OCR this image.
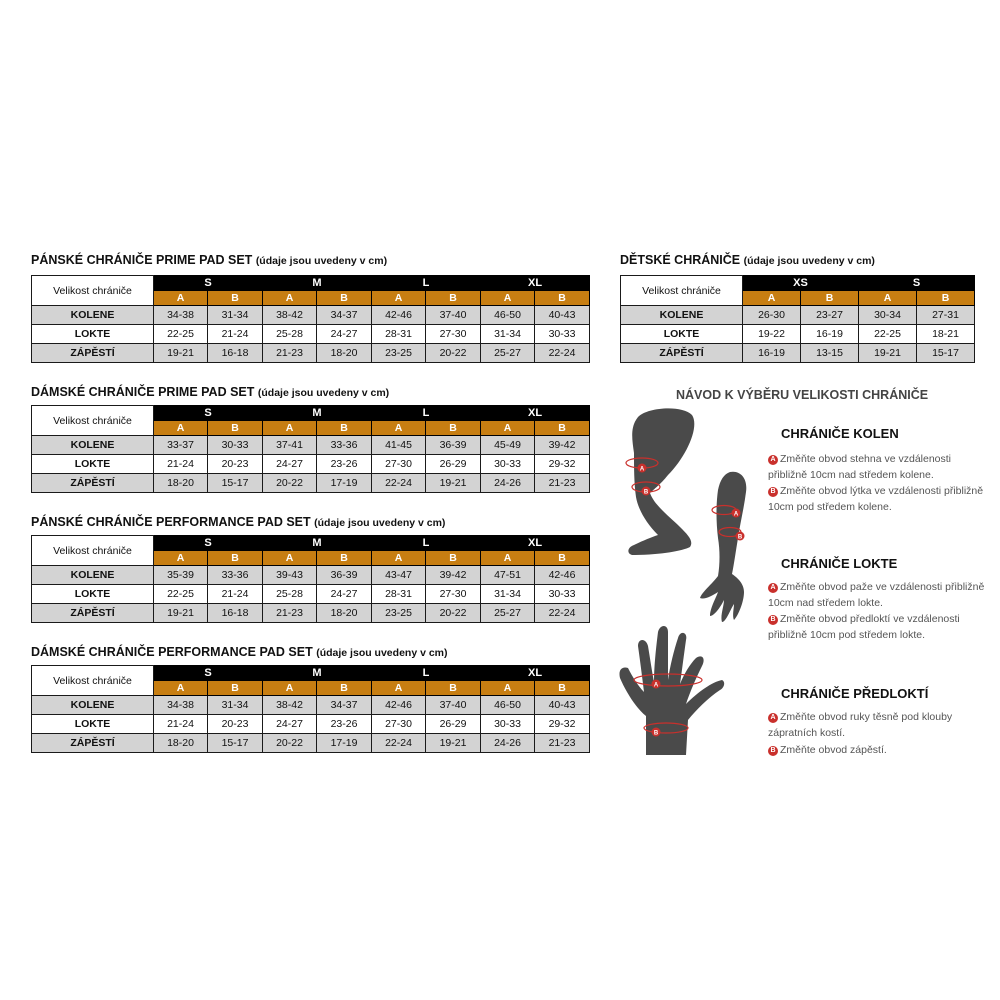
PÁNSKÉ CHRÁNIČE PRIME PAD SET (údaje jsou uvedeny v cm)
Velikost chrániče	S		M		L		XL	
	A	B	A	B	A	B	A	B
KOLENE	34-38	31-34	38-42	34-37	42-46	37-40	46-50	40-43
LOKTE	22-25	21-24	25-28	24-27	28-31	27-30	31-34	30-33
ZÁPĚSTÍ	19-21	16-18	21-23	18-20	23-25	20-22	25-27	22-24
DÁMSKÉ CHRÁNIČE PRIME PAD SET (údaje jsou uvedeny v cm)
Velikost chrániče	S		M		L		XL	
	A	B	A	B	A	B	A	B
KOLENE	33-37	30-33	37-41	33-36	41-45	36-39	45-49	39-42
LOKTE	21-24	20-23	24-27	23-26	27-30	26-29	30-33	29-32
ZÁPĚSTÍ	18-20	15-17	20-22	17-19	22-24	19-21	24-26	21-23
PÁNSKÉ CHRÁNIČE PERFORMANCE PAD SET (údaje jsou uvedeny v cm)
Velikost chrániče	S		M		L		XL	
	A	B	A	B	A	B	A	B
KOLENE	35-39	33-36	39-43	36-39	43-47	39-42	47-51	42-46
LOKTE	22-25	21-24	25-28	24-27	28-31	27-30	31-34	30-33
ZÁPĚSTÍ	19-21	16-18	21-23	18-20	23-25	20-22	25-27	22-24
DÁMSKÉ CHRÁNIČE PERFORMANCE PAD SET (údaje jsou uvedeny v cm)
Velikost chrániče	S		M		L		XL	
	A	B	A	B	A	B	A	B
KOLENE	34-38	31-34	38-42	34-37	42-46	37-40	46-50	40-43
LOKTE	21-24	20-23	24-27	23-26	27-30	26-29	30-33	29-32
ZÁPĚSTÍ	18-20	15-17	20-22	17-19	22-24	19-21	24-26	21-23
DĚTSKÉ CHRÁNIČE (údaje jsou uvedeny v cm)
Velikost chrániče	XS		S	
	A	B	A	B
KOLENE	26-30	23-27	30-34	27-31
LOKTE	19-22	16-19	22-25	18-21
ZÁPĚSTÍ	16-19	13-15	19-21	15-17
NÁVOD K VÝBĚRU VELIKOSTI CHRÁNIČE
A
B
A
B
A
B
CHRÁNIČE KOLEN
A Změňte obvod stehna ve vzdálenosti přibližně 10cm nad středem kolene.
B Změňte obvod lýtka ve vzdálenosti přibližně 10cm pod středem kolene.
CHRÁNIČE LOKTE
A Změňte obvod paže ve vzdálenosti přibližně 10cm nad středem lokte.
B Změňte obvod předloktí ve vzdálenosti přibližně 10cm pod středem lokte.
CHRÁNIČE PŘEDLOKTÍ
A Změňte obvod ruky těsně pod klouby zápratních kostí.
B Změňte obvod zápěstí.
